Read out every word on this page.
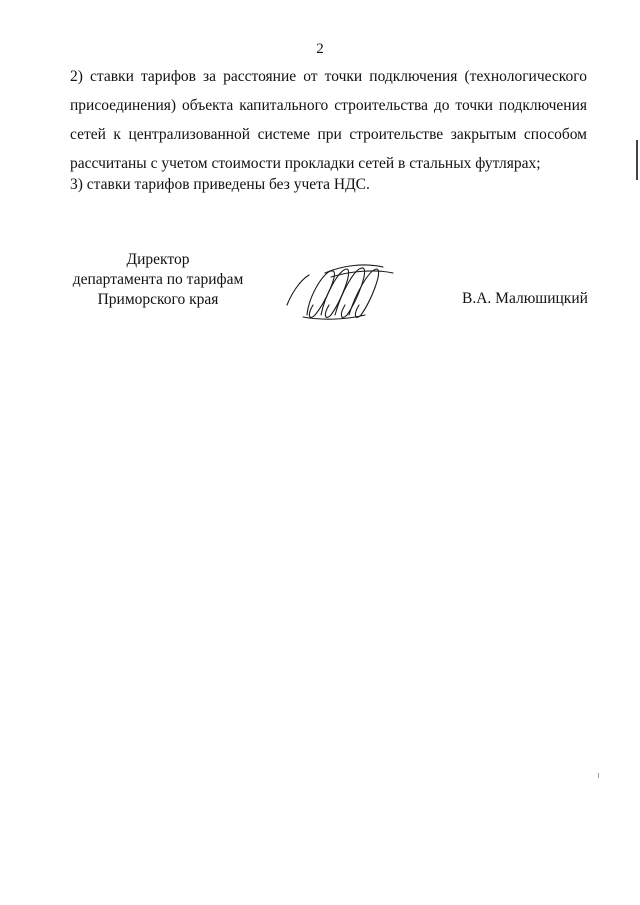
2
2) ставки тарифов за расстояние от точки подключения (технологического
присоединения) объекта капитального строительства до точки подключения
сетей к централизованной системе при строительстве закрытым способом
рассчитаны с учетом стоимости прокладки сетей в стальных футлярах;
3) ставки тарифов приведены без учета НДС.
Директор
департамента по тарифам
Приморского края	В.А. Малюшицкий
